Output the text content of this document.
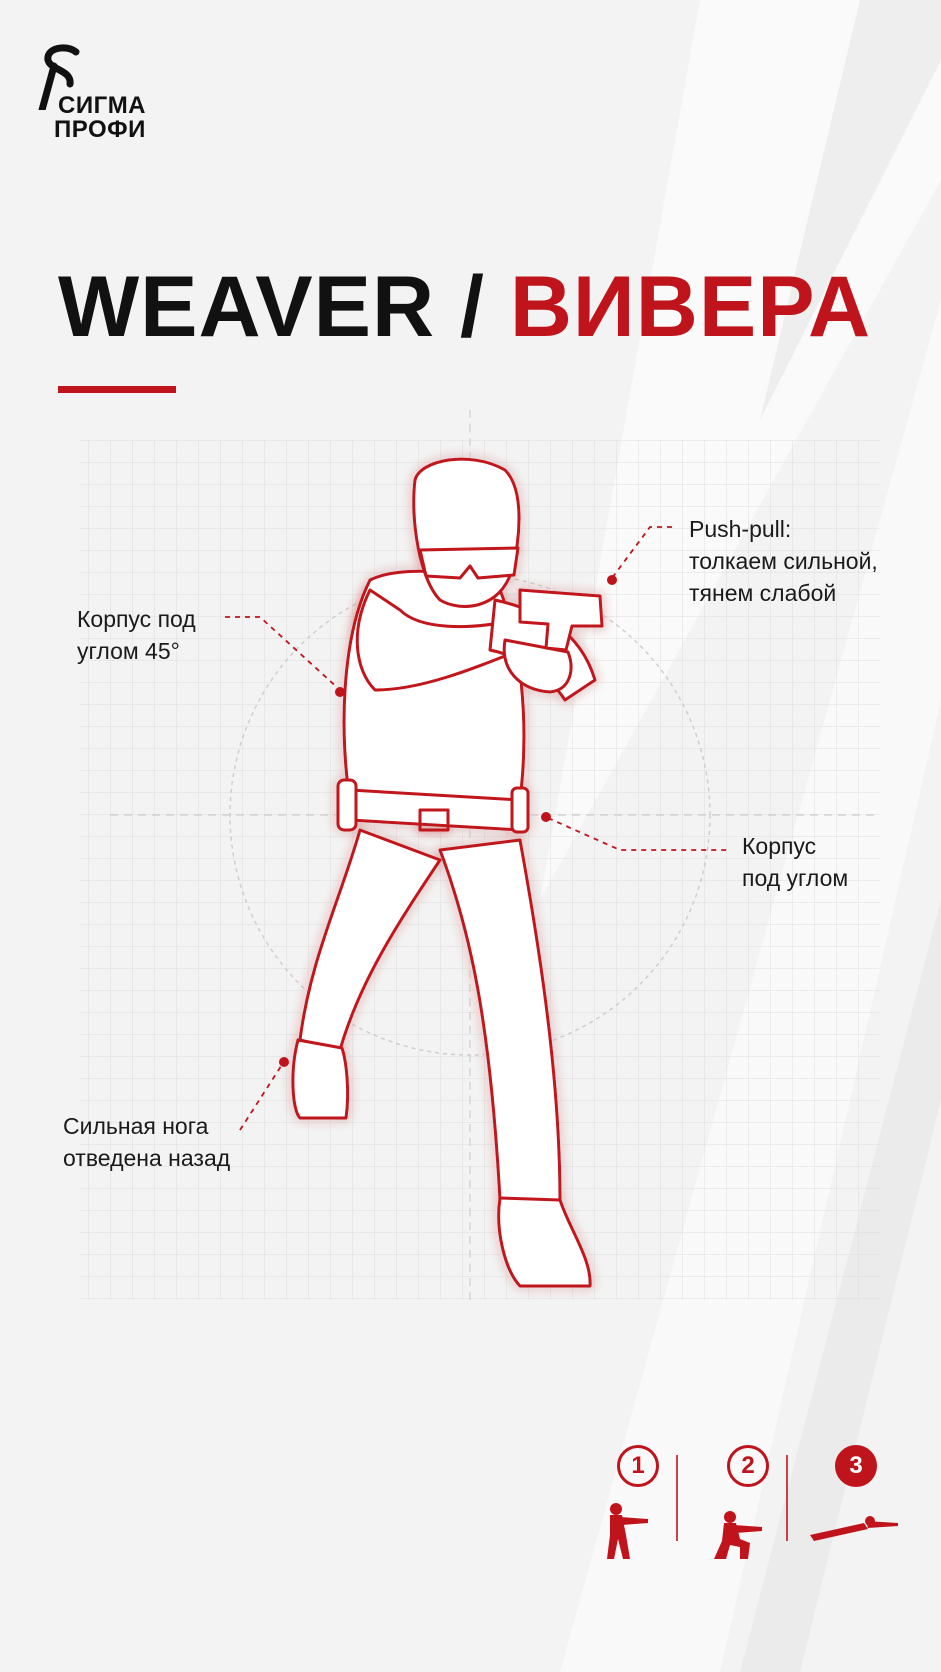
СИГМА
ПРОФИ
WEAVER / ВИВЕРА
Корпус под
углом 45°
Push-pull:
толкаем сильной,
тянем слабой
Корпус
под углом
Сильная нога
отведена назад
1	2	3
